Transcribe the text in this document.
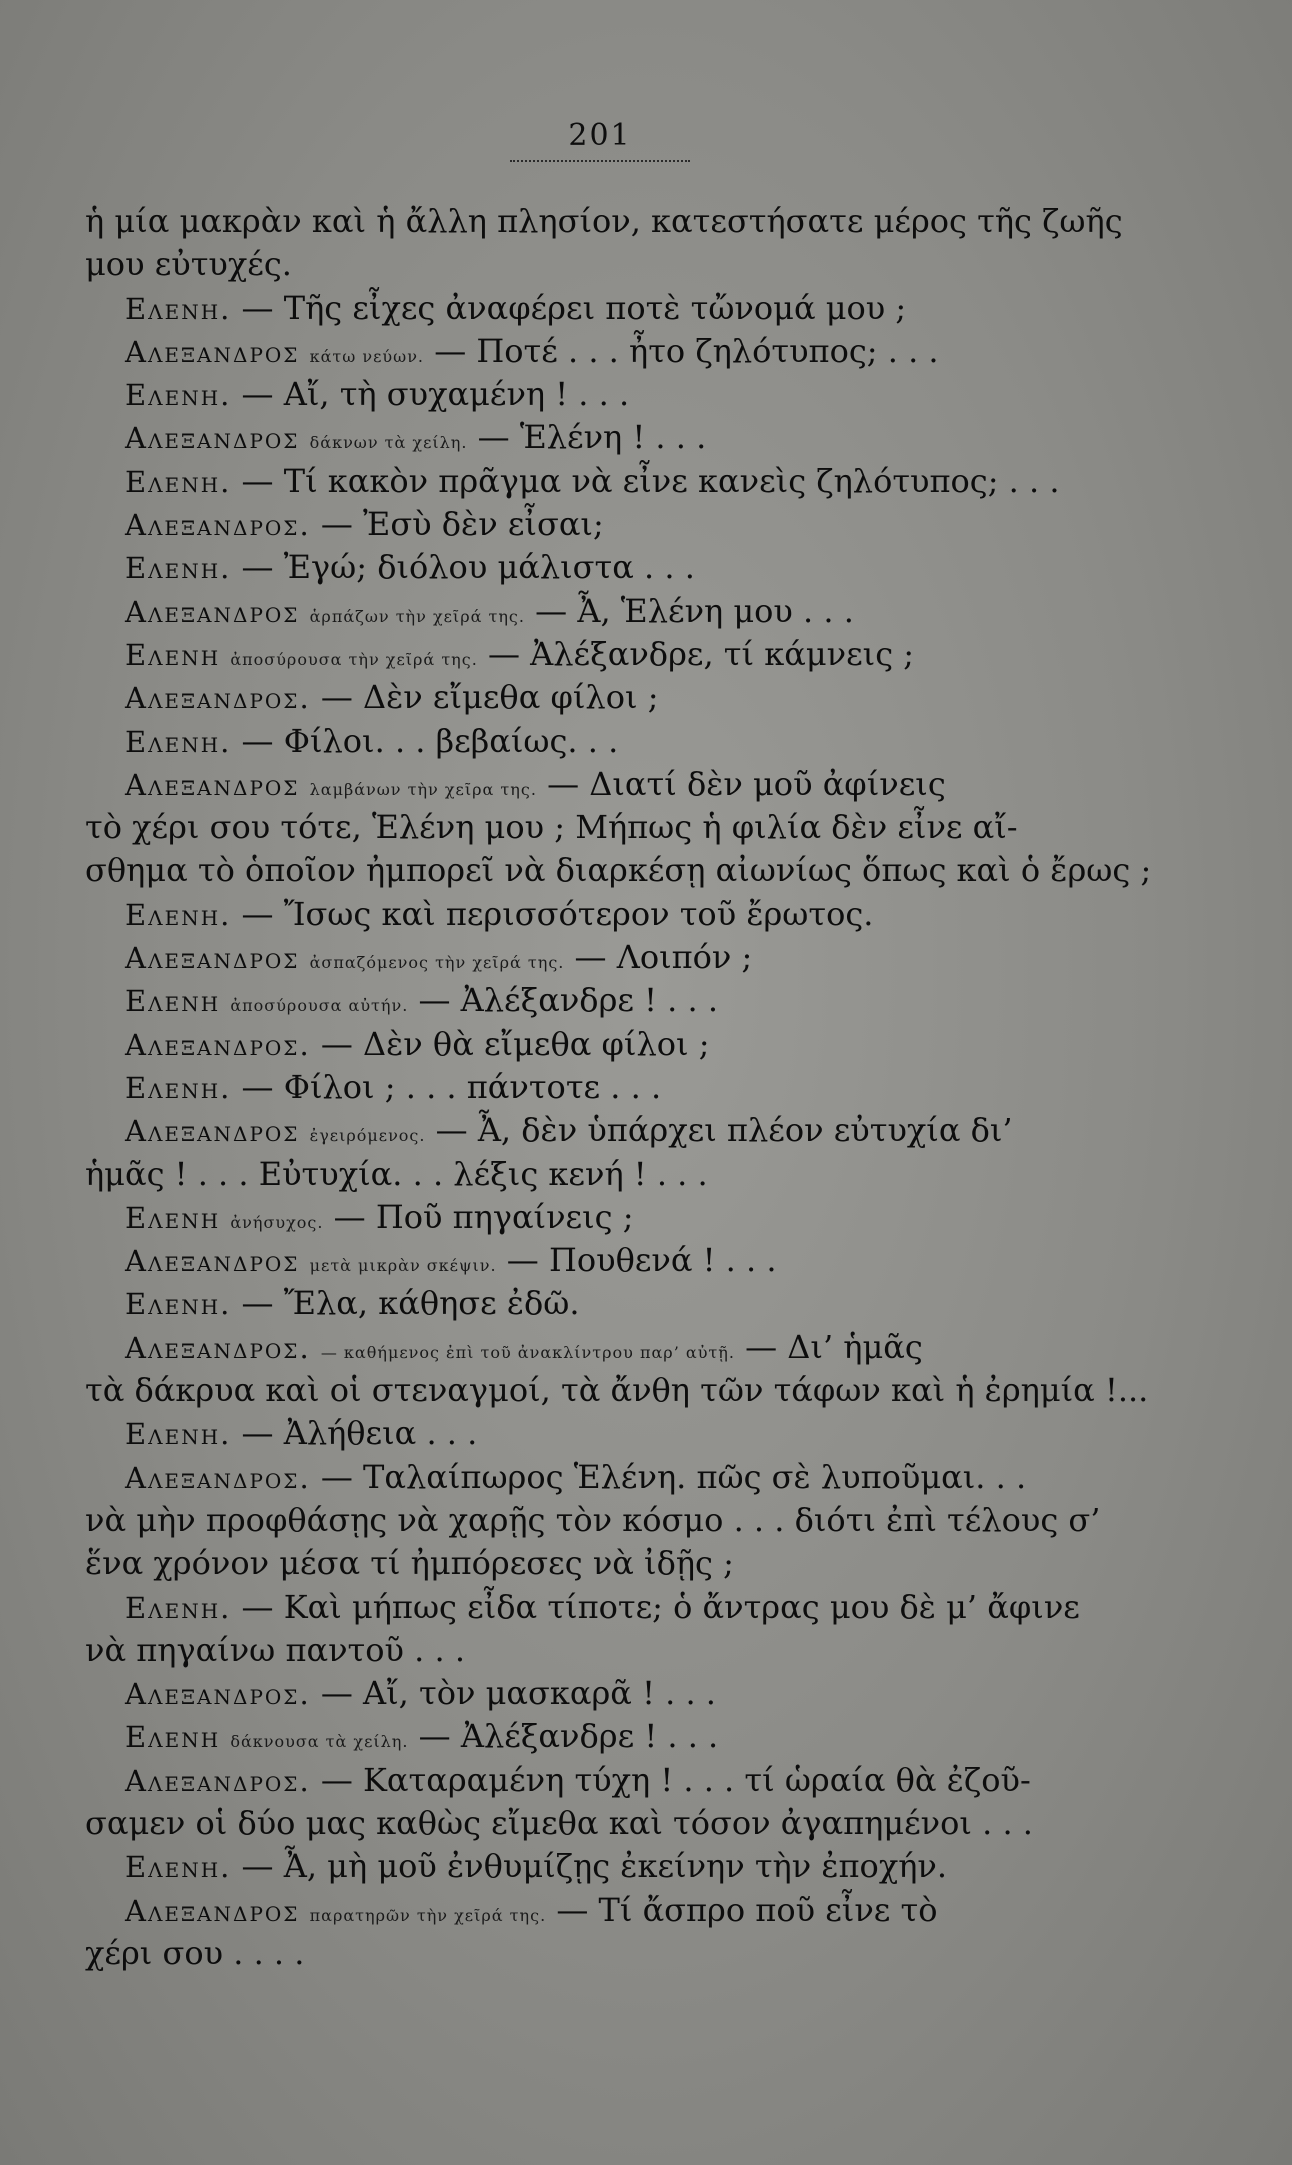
201
ἡ μία μακρὰν καὶ ἡ ἄλλη πλησίον, κατεστήσατε μέρος τῆς ζωῆς
μου εὐτυχές.
Ελενη. — Τῆς εἶχες ἀναφέρει ποτὲ τὤνομά μου ;
Αλεξανδρος κάτω νεύων. — Ποτέ . . . ἦτο ζηλότυπος; . . .
Ελενη. — Αἴ, τὴ συχαμένη ! . . .
Αλεξανδρος δάκνων τὰ χείλη. — Ἑλένη ! . . .
Ελενη. — Τί κακὸν πρᾶγμα νὰ εἶνε κανεὶς ζηλότυπος; . . .
Αλεξανδρος. — Ἐσὺ δὲν εἶσαι;
Ελενη. — Ἐγώ; διόλου μάλιστα . . .
Αλεξανδρος ἁρπάζων τὴν χεῖρά της. — Ἆ, Ἑλένη μου . . .
Ελενη ἀποσύρουσα τὴν χεῖρά της. — Ἀλέξανδρε, τί κάμνεις ;
Αλεξανδρος. — Δὲν εἴμεθα φίλοι ;
Ελενη. — Φίλοι. . . βεβαίως. . .
Αλεξανδρος λαμβάνων τὴν χεῖρα της. — Διατί δὲν μοῦ ἀφίνεις
τὸ χέρι σου τότε, Ἑλένη μου ; Μήπως ἡ φιλία δὲν εἶνε αἴ-
σθημα τὸ ὁποῖον ἠμπορεῖ νὰ διαρκέσῃ αἰωνίως ὅπως καὶ ὁ ἔρως ;
Ελενη. — Ἴσως καὶ περισσότερον τοῦ ἔρωτος.
Αλεξανδρος ἀσπαζόμενος τὴν χεῖρά της. — Λοιπόν ;
Ελενη ἀποσύρουσα αὐτήν. — Ἀλέξανδρε ! . . .
Αλεξανδρος. — Δὲν θὰ εἴμεθα φίλοι ;
Ελενη. — Φίλοι ; . . . πάντοτε . . .
Αλεξανδρος ἐγειρόμενος. — Ἆ, δὲν ὑπάρχει πλέον εὐτυχία δι’
ἡμᾶς ! . . . Εὐτυχία. . . λέξις κενή ! . . .
Ελενη ἀνήσυχος. — Ποῦ πηγαίνεις ;
Αλεξανδρος μετὰ μικρὰν σκέψιν. — Πουθενά ! . . .
Ελενη. — Ἔλα, κάθησε ἐδῶ.
Αλεξανδρος. — καθήμενος ἐπὶ τοῦ ἀνακλίντρου παρ’ αὐτῇ. — Δι’ ἡμᾶς
τὰ δάκρυα καὶ οἱ στεναγμοί, τὰ ἄνθη τῶν τάφων καὶ ἡ ἐρημία !...
Ελενη. — Ἀλήθεια . . .
Αλεξανδρος. — Ταλαίπωρος Ἑλένη. πῶς σὲ λυποῦμαι. . .
νὰ μὴν προφθάσῃς νὰ χαρῇς τὸν κόσμο . . . διότι ἐπὶ τέλους σ’
ἕνα χρόνον μέσα τί ἠμπόρεσες νὰ ἰδῇς ;
Ελενη. — Καὶ μήπως εἶδα τίποτε; ὁ ἄντρας μου δὲ μ’ ἄφινε
νὰ πηγαίνω παντοῦ . . .
Αλεξανδρος. — Αἴ, τὸν μασκαρᾶ ! . . .
Ελενη δάκνουσα τὰ χείλη. — Ἀλέξανδρε ! . . .
Αλεξανδρος. — Καταραμένη τύχη ! . . . τί ὡραία θὰ ἐζοῦ-
σαμεν οἱ δύο μας καθὼς εἴμεθα καὶ τόσον ἀγαπημένοι . . .
Ελενη. — Ἆ, μὴ μοῦ ἐνθυμίζῃς ἐκείνην τὴν ἐποχήν.
Αλεξανδρος παρατηρῶν τὴν χεῖρά της. — Τί ἄσπρο ποῦ εἶνε τὸ
χέρι σου . . . .
